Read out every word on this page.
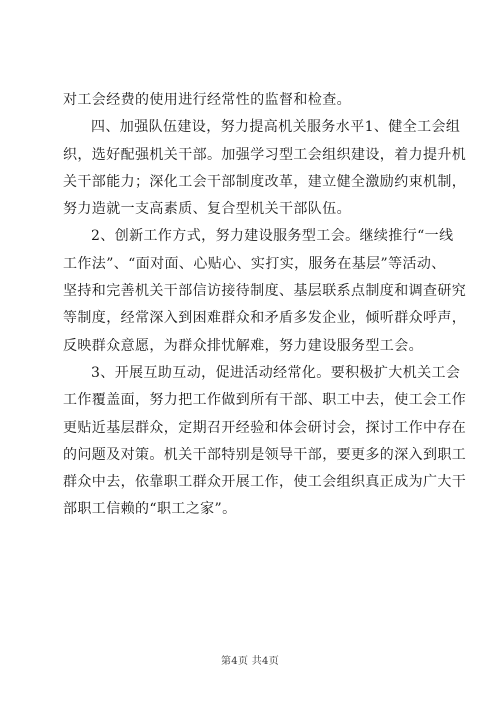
对工会经费的使用进行经常性的监督和检查。
四、加强队伍建设，努力提高机关服务水平1、健全工会组
织，选好配强机关干部。加强学习型工会组织建设，着力提升机
关干部能力；深化工会干部制度改革，建立健全激励约束机制，
努力造就一支高素质、复合型机关干部队伍。
2、创新工作方式，努力建设服务型工会。继续推行“一线
工作法”、“面对面、心贴心、实打实，服务在基层”等活动、
坚持和完善机关干部信访接待制度、基层联系点制度和调查研究
等制度，经常深入到困难群众和矛盾多发企业，倾听群众呼声，
反映群众意愿，为群众排忧解难，努力建设服务型工会。
3、开展互助互动，促进活动经常化。要积极扩大机关工会
工作覆盖面，努力把工作做到所有干部、职工中去，使工会工作
更贴近基层群众，定期召开经验和体会研讨会，探讨工作中存在
的问题及对策。机关干部特别是领导干部，要更多的深入到职工
群众中去，依靠职工群众开展工作，使工会组织真正成为广大干
部职工信赖的“职工之家”。
第4页 共4页
